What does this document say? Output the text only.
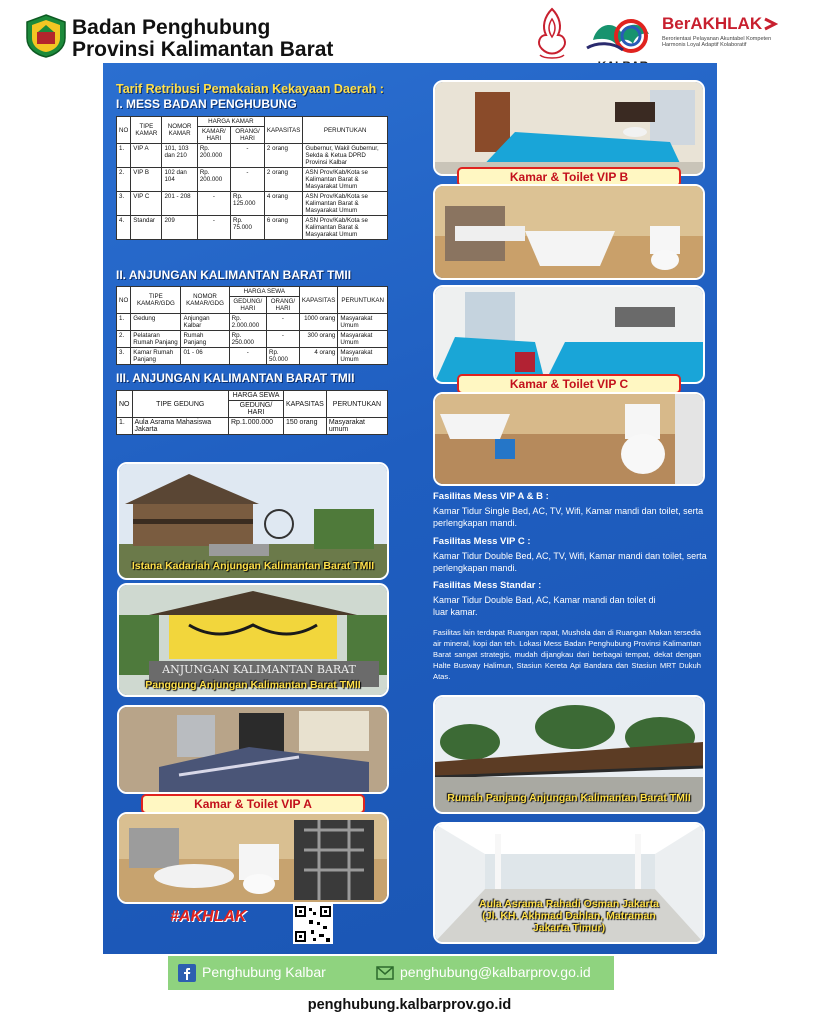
Badan Penghubung
Provinsi Kalimantan Barat
BerAKHLAK
Berorientasi Pelayanan Akuntabel Kompeten Harmonis Loyal Adaptif Kolaboratif
Tarif Retribusi Pemakaian Kekayaan Daerah :
I. MESS BADAN PENGHUBUNG
NO	TIPE KAMAR	NOMOR KAMAR	HARGA KAMAR		KAPASITAS	PERUNTUKAN
			KAMAR/ HARI	ORANG/ HARI		
1.	VIP A	101, 103 dan 210	Rp. 200.000	-	2 orang	Gubernur, Wakil Gubernur, Sekda & Ketua DPRD Provinsi Kalbar
2.	VIP B	102 dan 104	Rp. 200.000	-	2 orang	ASN Prov/Kab/Kota se Kalimantan Barat & Masyarakat Umum
3.	VIP C	201 - 208	-	Rp. 125.000	4 orang	ASN Prov/Kab/Kota se Kalimantan Barat & Masyarakat Umum
4.	Standar	209	-	Rp. 75.000	6 orang	ASN Prov/Kab/Kota se Kalimantan Barat & Masyarakat Umum
II. ANJUNGAN KALIMANTAN BARAT TMII
NO	TIPE KAMAR/GDG	NOMOR KAMAR/GDG	HARGA SEWA		KAPASITAS	PERUNTUKAN
			GEDUNG/ HARI	ORANG/ HARI		
1.	Gedung	Anjungan Kalbar	Rp. 2.000.000	-	1000 orang	Masyarakat Umum
2.	Pelataran Rumah Panjang	Rumah Panjang	Rp. 250.000	-	300 orang	Masyarakat Umum
3.	Kamar Rumah Panjang	01 - 06	-	Rp. 50.000	4 orang	Masyarakat Umum
III. ANJUNGAN KALIMANTAN BARAT TMII
NO	TIPE GEDUNG	HARGA SEWA	KAPASITAS	PERUNTUKAN
		GEDUNG/ HARI		
1.	Aula Asrama Mahasiswa Jakarta	Rp.1.000.000	150 orang	Masyarakat umum
Istana Kadariah Anjungan Kalimantan Barat TMII
ANJUNGAN KALIMANTAN BARAT
Panggung Anjungan Kalimantan Barat TMII
Kamar & Toilet VIP A
#AKHLAK
Kamar & Toilet VIP B
Kamar & Toilet VIP C
Fasilitas Mess VIP A & B :
Kamar Tidur Single Bed, AC, TV, Wifi, Kamar mandi dan toilet, serta perlengkapan mandi.
Fasilitas Mess VIP C :
Kamar Tidur Double Bed, AC, TV, Wifi, Kamar mandi dan toilet, serta perlengkapan mandi.
Fasilitas Mess Standar :
Kamar Tidur Double Bad, AC, Kamar mandi dan toilet di luar kamar.
Fasilitas lain terdapat Ruangan rapat, Mushola dan di Ruangan Makan tersedia air mineral, kopi dan teh. Lokasi Mess Badan Penghubung Provinsi Kalimantan Barat sangat strategis, mudah dijangkau dari berbagai tempat, dekat dengan Halte Busway Halimun, Stasiun Kereta Api Bandara dan Stasiun MRT Dukuh Atas.
Rumah Panjang Anjungan Kalimantan Barat TMII
Aula Asrama Rahadi Osman Jakarta
(Jl. KH. Akhmad Dahlan, Matraman
Jakarta Timur)
Penghubung Kalbar	penghubung@kalbarprov.go.id
penghubung.kalbarprov.go.id
